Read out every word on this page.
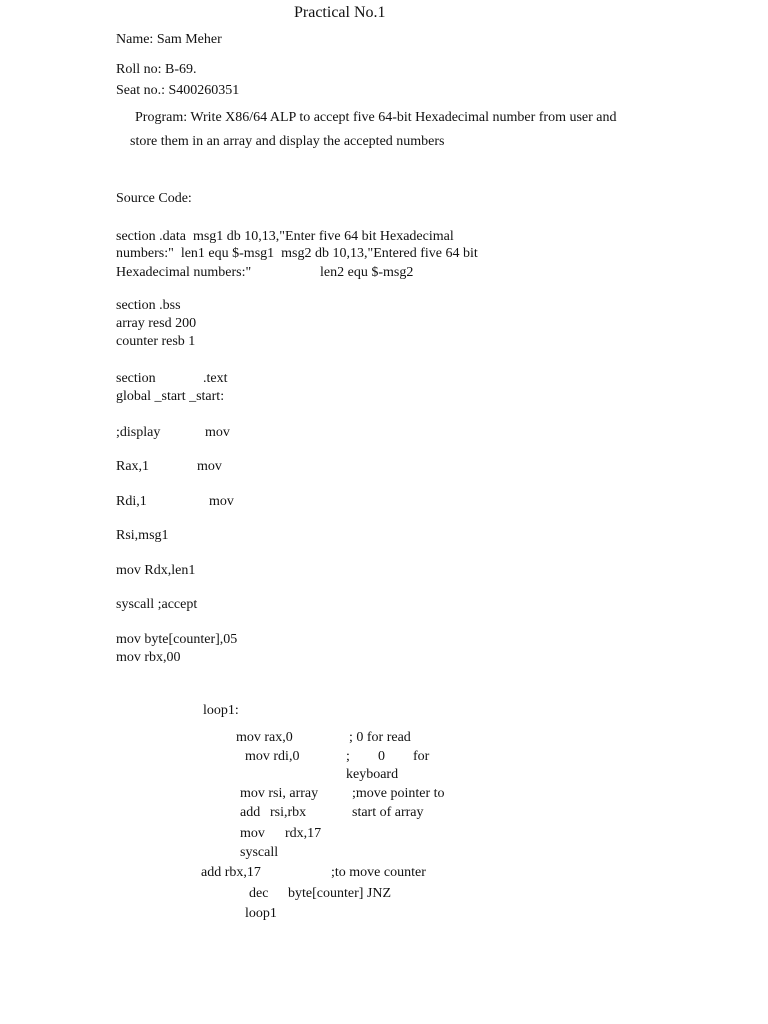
Practical No.1
Name: Sam Meher
Roll no: B-69.
Seat no.: S400260351
Program: Write X86/64 ALP to accept five 64-bit Hexadecimal number from user and
store them in an array and display the accepted numbers
Source Code:
section .data  msg1 db 10,13,"Enter five 64 bit Hexadecimal
numbers:"  len1 equ $-msg1  msg2 db 10,13,"Entered five 64 bit
Hexadecimal numbers:"	len2 equ $-msg2
section .bss
array resd 200
counter resb 1
section	.text
global _start _start:
;display	mov
Rax,1	mov
Rdi,1	mov
Rsi,msg1
mov Rdx,len1
syscall ;accept
mov byte[counter],05
mov rbx,00
loop1:
mov rax,0	; 0 for read
mov rdi,0	; 0 for
keyboard
mov rsi, array ;move pointer to
add rsi,rbx	start of array
mov rdx,17
syscall
add rbx,17	;to move counter
dec byte[counter] JNZ
loop1
